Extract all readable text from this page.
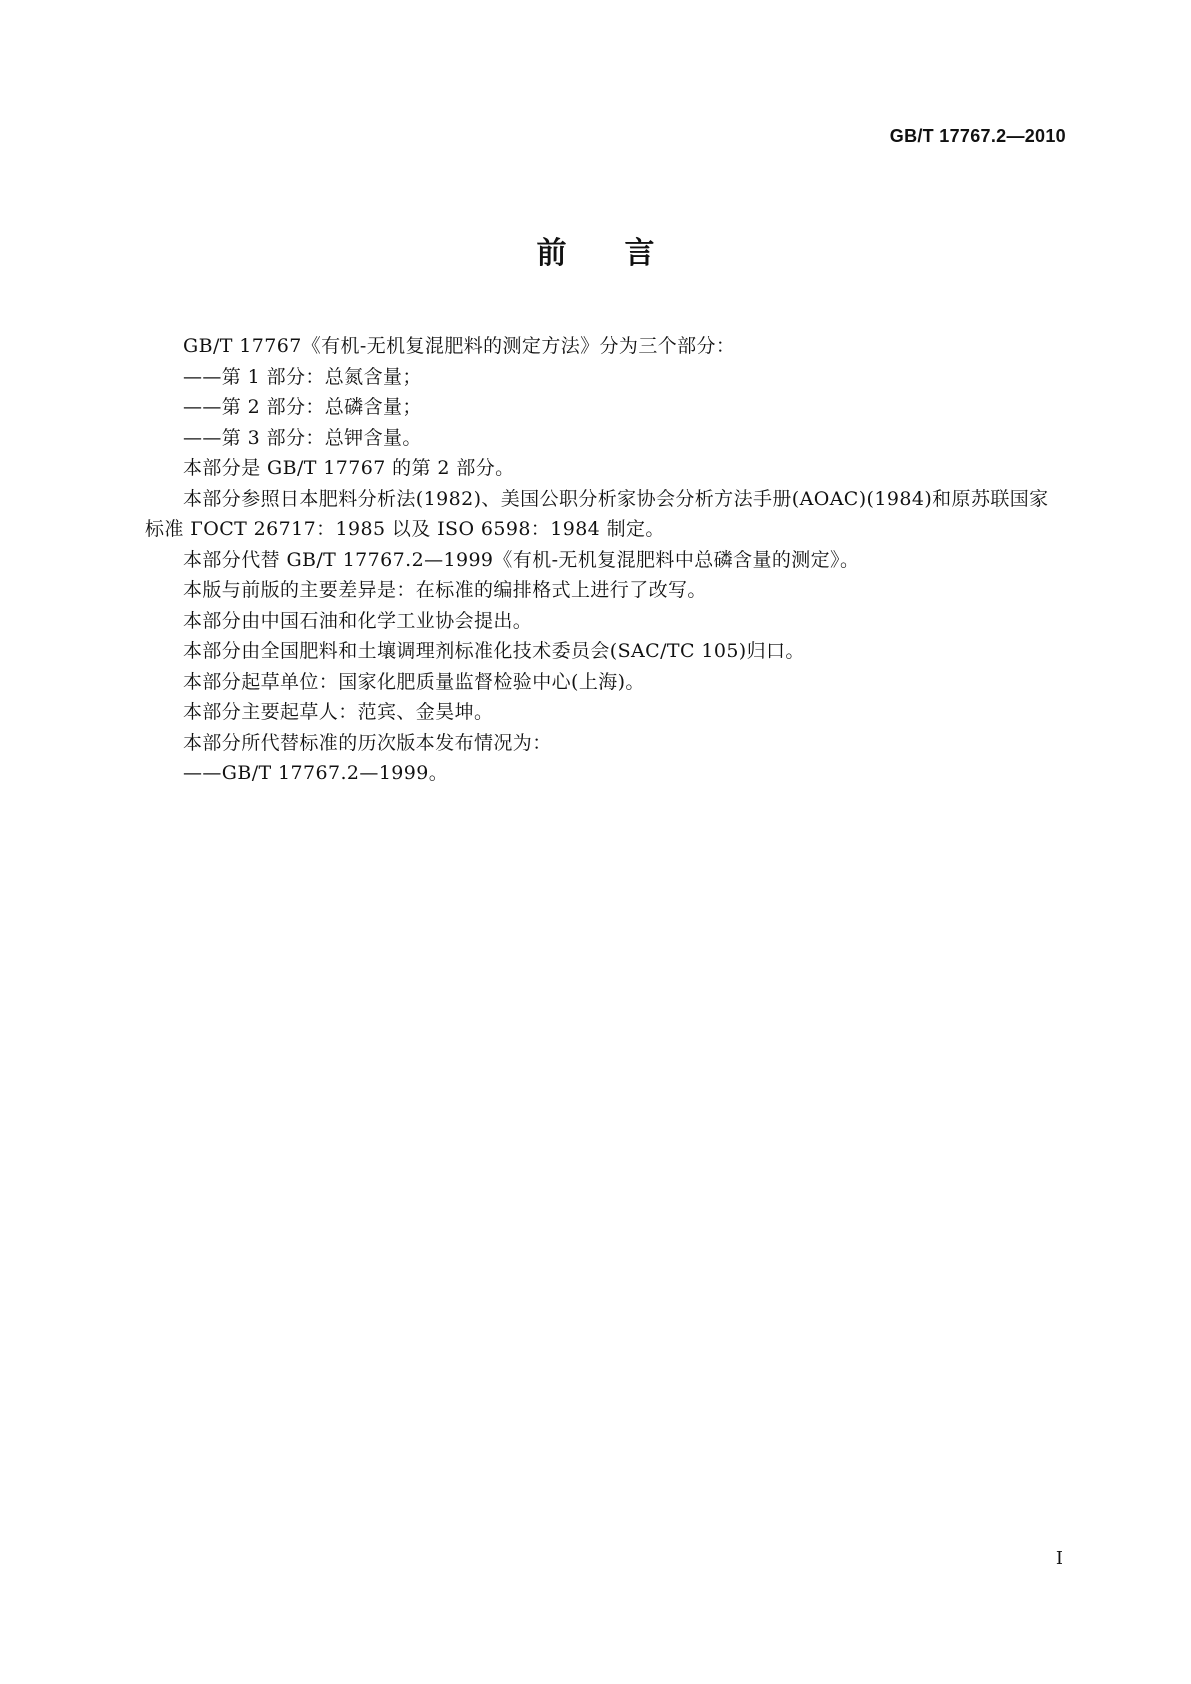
GB/T 17767.2—2010
前言

GB/T 17767《有机-无机复混肥料的测定方法》分为三个部分：

——第 1 部分：总氮含量；

——第 2 部分：总磷含量；

——第 3 部分：总钾含量。

本部分是 GB/T 17767 的第 2 部分。

本部分参照日本肥料分析法(1982)、美国公职分析家协会分析方法手册(AOAC)(1984)和原苏联国家标准 ГОСТ 26717：1985 以及 ISO 6598：1984 制定。

本部分代替 GB/T 17767.2—1999《有机-无机复混肥料中总磷含量的测定》。

本版与前版的主要差异是：在标准的编排格式上进行了改写。

本部分由中国石油和化学工业协会提出。

本部分由全国肥料和土壤调理剂标准化技术委员会(SAC/TC 105)归口。

本部分起草单位：国家化肥质量监督检验中心(上海)。

本部分主要起草人：范宾、金昊坤。

本部分所代替标准的历次版本发布情况为：

——GB/T 17767.2—1999。

I
